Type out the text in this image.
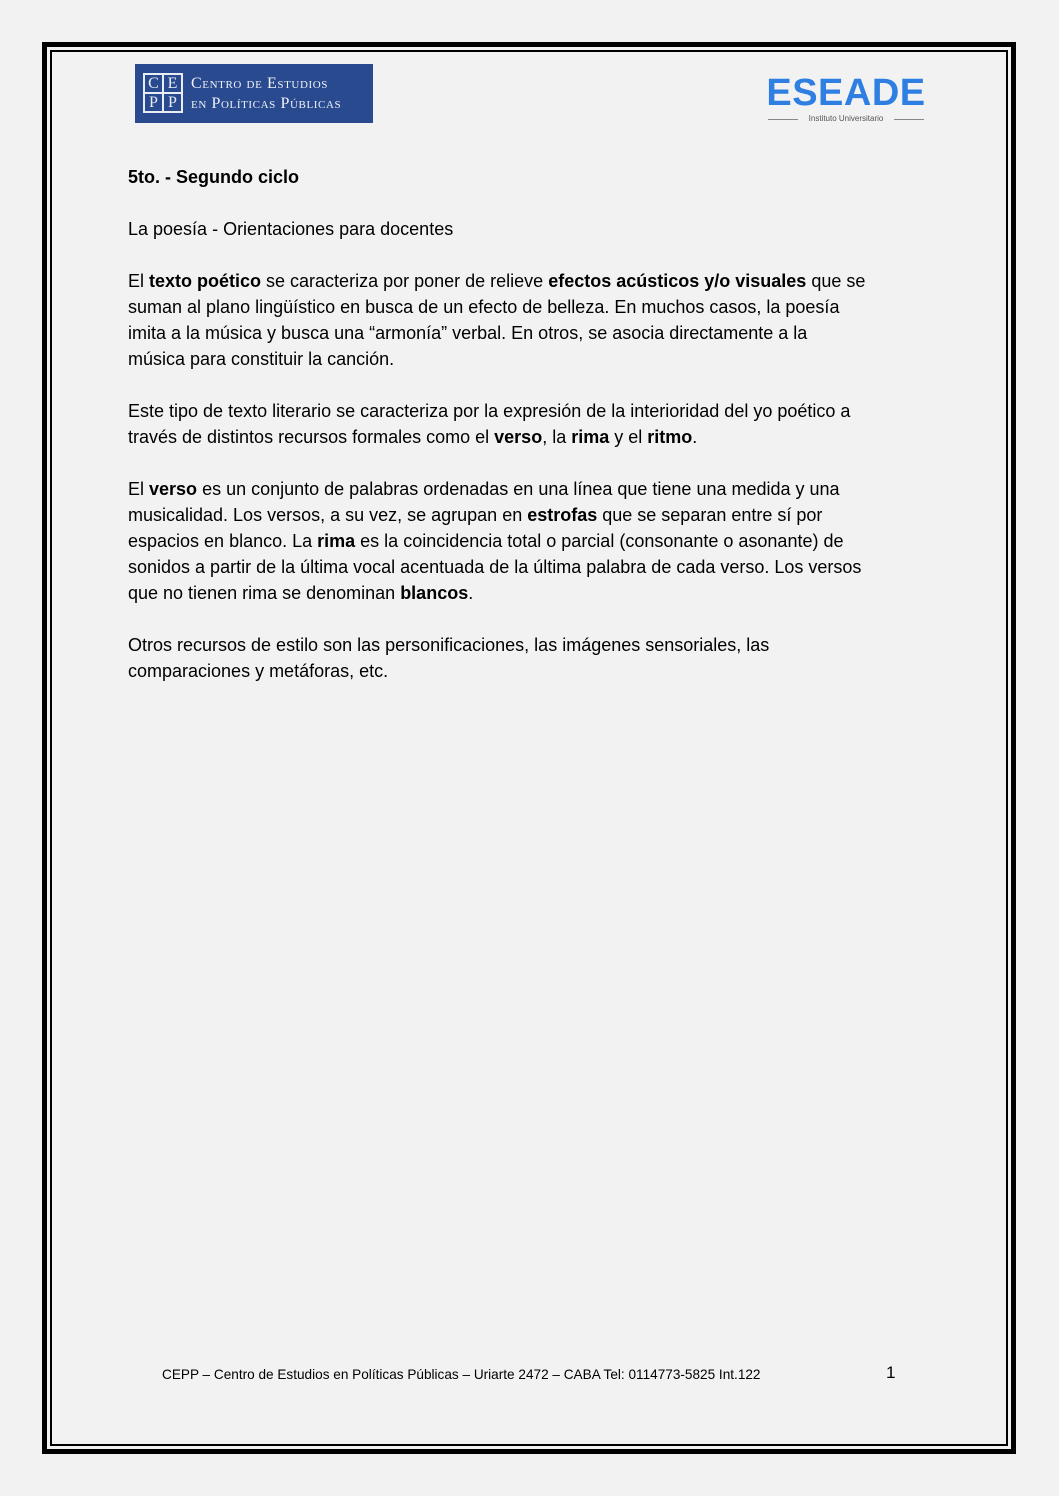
C E
P P
Centro de Estudios
en Políticas Públicas	ESEADE
Instituto Universitario

5to. - Segundo ciclo

La poesía - Orientaciones para docentes

El texto poético se caracteriza por poner de relieve efectos acústicos y/o visuales que se
suman al plano lingüístico en busca de un efecto de belleza. En muchos casos, la poesía
imita a la música y busca una “armonía” verbal. En otros, se asocia directamente a la
música para constituir la canción.

Este tipo de texto literario se caracteriza por la expresión de la interioridad del yo poético a
través de distintos recursos formales como el verso, la rima y el ritmo.

El verso es un conjunto de palabras ordenadas en una línea que tiene una medida y una
musicalidad. Los versos, a su vez, se agrupan en estrofas que se separan entre sí por
espacios en blanco. La rima es la coincidencia total o parcial (consonante o asonante) de
sonidos a partir de la última vocal acentuada de la última palabra de cada verso. Los versos
que no tienen rima se denominan blancos.

Otros recursos de estilo son las personificaciones, las imágenes sensoriales, las
comparaciones y metáforas, etc.

CEPP – Centro de Estudios en Políticas Públicas – Uriarte 2472 – CABA Tel: 0114773-5825 Int.122	1
